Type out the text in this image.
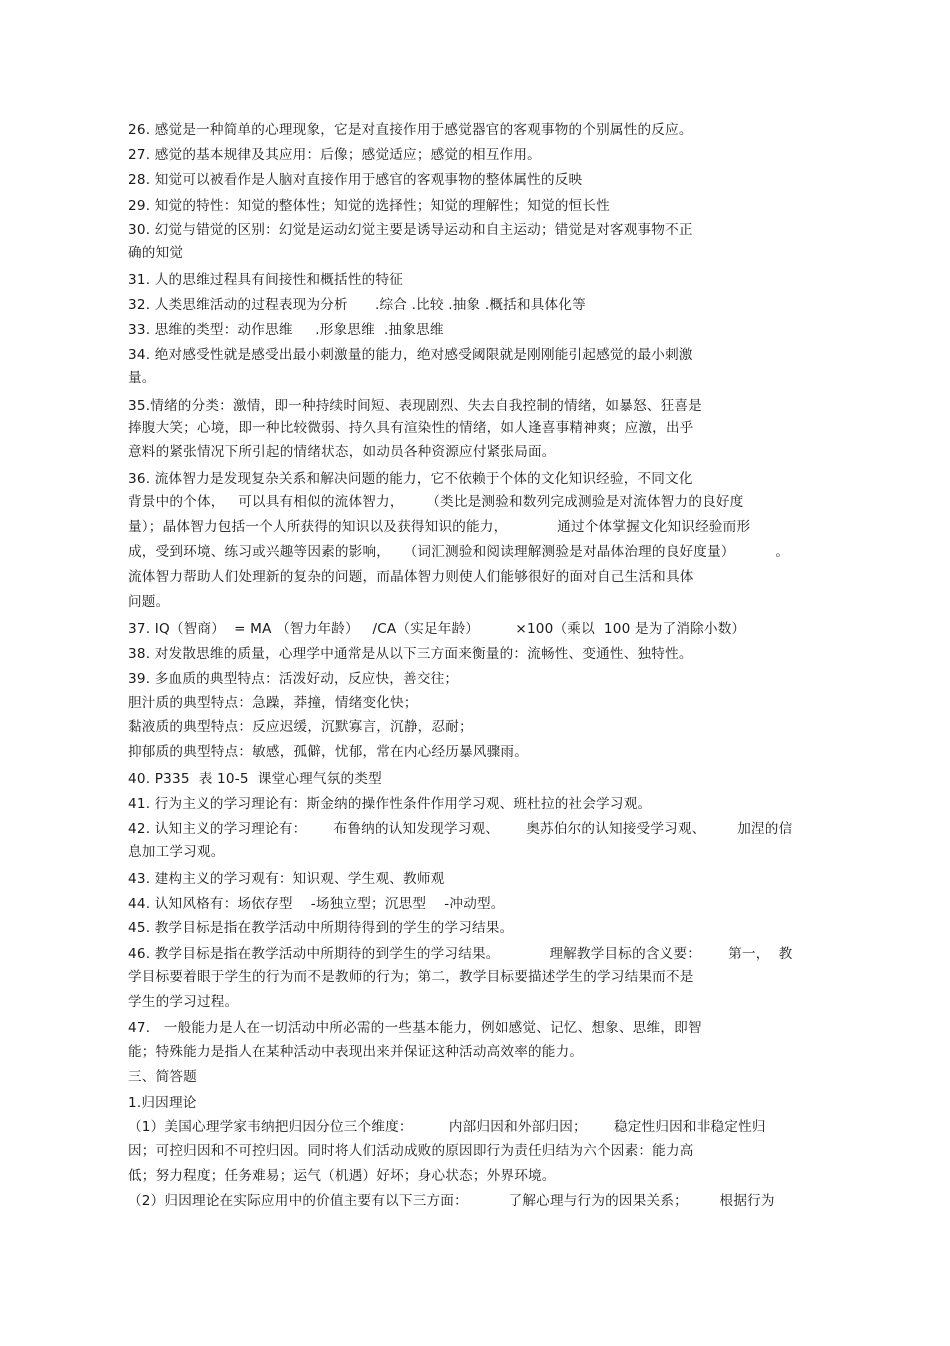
26. 感觉是一种简单的心理现象，它是对直接作用于感觉器官的客观事物的个别属性的反应。
27. 感觉的基本规律及其应用：后像；感觉适应；感觉的相互作用。
28. 知觉可以被看作是人脑对直接作用于感官的客观事物的整体属性的反映
29. 知觉的特性：知觉的整体性；知觉的选择性；知觉的理解性；知觉的恒长性
30. 幻觉与错觉的区别：幻觉是运动幻觉主要是诱导运动和自主运动；错觉是对客观事物不正
确的知觉
31. 人的思维过程具有间接性和概括性的特征
32. 人类思维活动的过程表现为分析      .综合 .比较 .抽象 .概括和具体化等
33. 思维的类型：动作思维     .形象思维  .抽象思维
34. 绝对感受性就是感受出最小刺激量的能力，绝对感受阈限就是刚刚能引起感觉的最小刺激
量。
35.情绪的分类：激情，即一种持续时间短、表现剧烈、失去自我控制的情绪，如暴怒、狂喜是
捧腹大笑；心境，即一种比较微弱、持久具有渲染性的情绪，如人逢喜事精神爽；应激，出乎
意料的紧张情况下所引起的情绪状态，如动员各种资源应付紧张局面。
36. 流体智力是发现复杂关系和解决问题的能力，它不依赖于个体的文化知识经验，不同文化
背景中的个体，   可以具有相似的流体智力，     （类比是测验和数列完成测验是对流体智力的良好度
量）；晶体智力包括一个人所获得的知识以及获得知识的能力，           通过个体掌握文化知识经验而形
成，受到环境、练习或兴趣等因素的影响，   （词汇测验和阅读理解测验是对晶体治理的良好度量）         。
流体智力帮助人们处理新的复杂的问题，而晶体智力则使人们能够很好的面对自己生活和具体
问题。
37. IQ（智商）  = MA （智力年龄）   /CA（实足年龄）        ×100（乘以  100 是为了消除小数）
38. 对发散思维的质量，心理学中通常是从以下三方面来衡量的：流畅性、变通性、独特性。
39. 多血质的典型特点：活泼好动，反应快，善交往；
胆汁质的典型特点：急躁，莽撞，情绪变化快；
黏液质的典型特点：反应迟缓，沉默寡言，沉静，忍耐；
抑郁质的典型特点：敏感，孤僻，忧郁，常在内心经历暴风骤雨。
40. P335  表 10-5  课堂心理气氛的类型
41. 行为主义的学习理论有：斯金纳的操作性条件作用学习观、班杜拉的社会学习观。
42. 认知主义的学习理论有：      布鲁纳的认知发现学习观、      奥苏伯尔的认知接受学习观、       加涅的信
息加工学习观。
43. 建构主义的学习观有：知识观、学生观、教师观
44. 认知风格有：场依存型    -场独立型；沉思型    -冲动型。
45. 教学目标是指在教学活动中所期待得到的学生的学习结果。
46. 教学目标是指在教学活动中所期待的到学生的学习结果。           理解教学目标的含义要：      第一，  教
学目标要着眼于学生的行为而不是教师的行为；第二，教学目标要描述学生的学习结果而不是
学生的学习过程。
47.   一般能力是人在一切活动中所必需的一些基本能力，例如感觉、记忆、想象、思维，即智
能；特殊能力是指人在某种活动中表现出来并保证这种活动高效率的能力。
三、简答题
1.归因理论
（1）美国心理学家韦纳把归因分位三个维度：        内部归因和外部归因；      稳定性归因和非稳定性归
因；可控归因和不可控归因。同时将人们活动成败的原因即行为责任归结为六个因素：能力高
低；努力程度；任务难易；运气（机遇）好坏；身心状态；外界环境。
（2）归因理论在实际应用中的价值主要有以下三方面：         了解心理与行为的因果关系；       根据行为
